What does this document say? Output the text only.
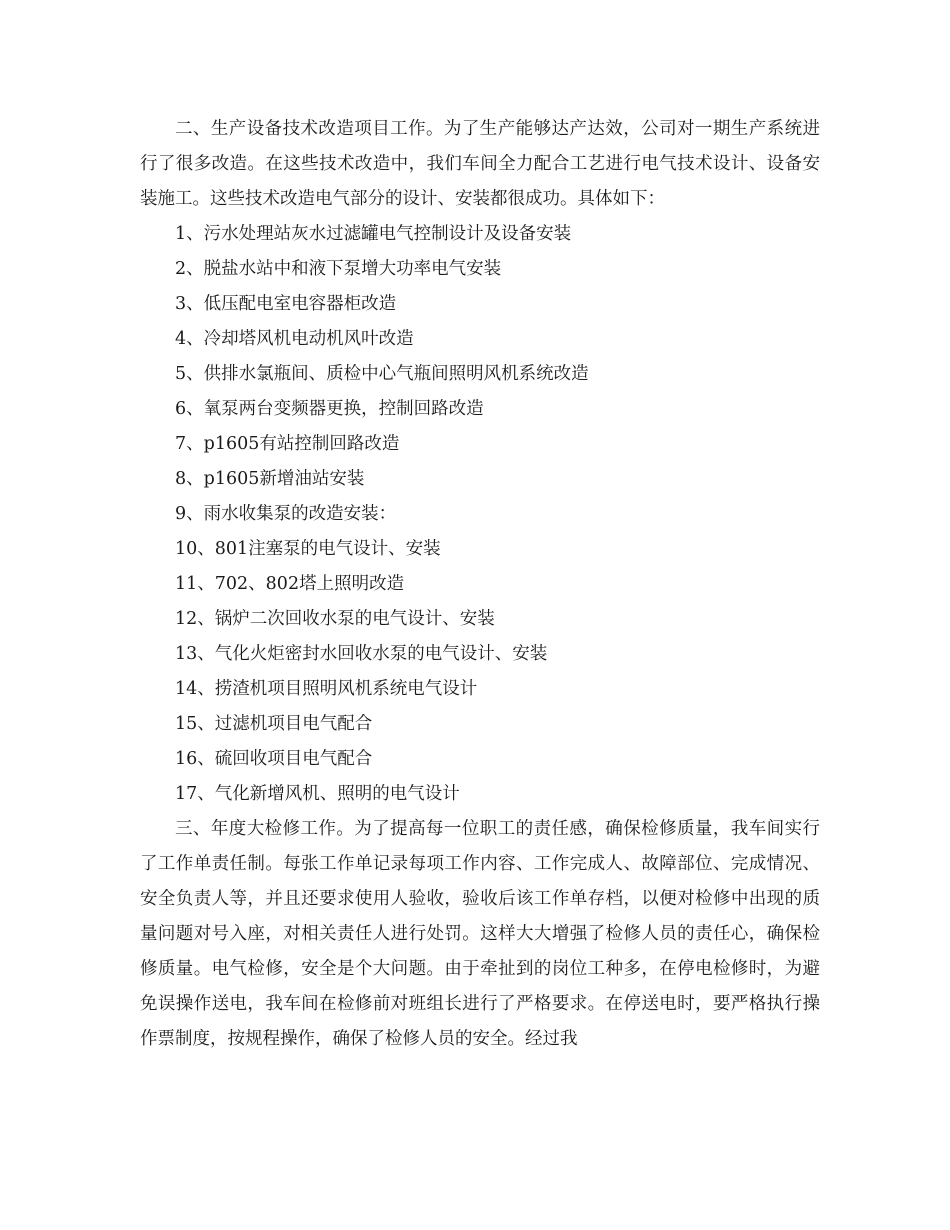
二、生产设备技术改造项目工作。为了生产能够达产达效，公司对一期生产系统进行了很多改造。在这些技术改造中，我们车间全力配合工艺进行电气技术设计、设备安装施工。这些技术改造电气部分的设计、安装都很成功。具体如下：

1、污水处理站灰水过滤罐电气控制设计及设备安装
2、脱盐水站中和液下泵增大功率电气安装
3、低压配电室电容器柜改造
4、冷却塔风机电动机风叶改造
5、供排水氯瓶间、质检中心气瓶间照明风机系统改造
6、氧泵两台变频器更换，控制回路改造
7、p1605有站控制回路改造
8、p1605新增油站安装
9、雨水收集泵的改造安装：
10、801注塞泵的电气设计、安装
11、702、802塔上照明改造
12、锅炉二次回收水泵的电气设计、安装
13、气化火炬密封水回收水泵的电气设计、安装
14、捞渣机项目照明风机系统电气设计
15、过滤机项目电气配合
16、硫回收项目电气配合
17、气化新增风机、照明的电气设计

三、年度大检修工作。为了提高每一位职工的责任感，确保检修质量，我车间实行了工作单责任制。每张工作单记录每项工作内容、工作完成人、故障部位、完成情况、安全负责人等，并且还要求使用人验收，验收后该工作单存档，以便对检修中出现的质量问题对号入座，对相关责任人进行处罚。这样大大增强了检修人员的责任心，确保检修质量。电气检修，安全是个大问题。由于牵扯到的岗位工种多，在停电检修时，为避免误操作送电，我车间在检修前对班组长进行了严格要求。在停送电时，要严格执行操作票制度，按规程操作，确保了检修人员的安全。经过我
